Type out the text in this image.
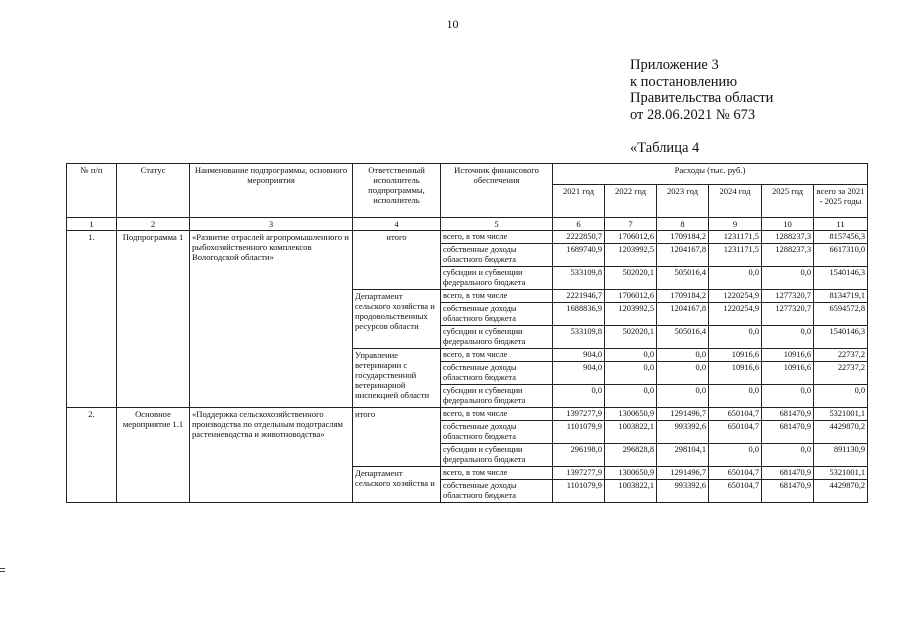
10
Приложение 3
к постановлению
Правительства области
от 28.06.2021 № 673
«Таблица 4
№ п/п	Статус	Наименование подпрограммы, основного мероприятия	Ответственный исполнитель подпрограммы, исполнитель	Источник финансового обеспечения	Расходы (тыс. руб.)					
					2021 год	2022 год	2023 год	2024 год	2025 год	всего за 2021 - 2025 годы
1	2	3	4	5	6	7	8	9	10	11
1.	Подпрограмма 1	«Развитие отраслей агропромышленного и рыбохозяйственного комплексов Вологодской области»	итого	всего, в том числе	2222850,7	1706012,6	1709184,2	1231171,5	1288237,3	8157456,3
				собственные доходы областного бюджета	1689740,9	1203992,5	1204167,8	1231171,5	1288237,3	6617310,0
				субсидии и субвенции федерального бюджета	533109,8	502020,1	505016,4	0,0	0,0	1540146,3
			Департамент сельского хозяйства и продовольственных ресурсов области	всего, в том числе	2221946,7	1706012,6	1709184,2	1220254,9	1277320,7	8134719,1
				собственные доходы областного бюджета	1688836,9	1203992,5	1204167,8	1220254,9	1277320,7	6594572,8
				субсидии и субвенции федерального бюджета	533109,8	502020,1	505016,4	0,0	0,0	1540146,3
			Управление ветеринарии с государственной ветеринарной инспекцией области	всего, в том числе	904,0	0,0	0,0	10916,6	10916,6	22737,2
				собственные доходы областного бюджета	904,0	0,0	0,0	10916,6	10916,6	22737,2
				субсидии и субвенции федерального бюджета	0,0	0,0	0,0	0,0	0,0	0,0
2.	Основное мероприятие 1.1	«Поддержка сельскохозяйственного производства по отдельным подотраслям растениеводства и животноводства»	итого	всего, в том числе	1397277,9	1300650,9	1291496,7	650104,7	681470,9	5321001,1
				собственные доходы областного бюджета	1101079,9	1003822,1	993392,6	650104,7	681470,9	4429870,2
				субсидии и субвенции федерального бюджета	296198,0	296828,8	298104,1	0,0	0,0	891130,9
			Департамент сельского хозяйства и	всего, в том числе	1397277,9	1300650,9	1291496,7	650104,7	681470,9	5321001,1
				собственные доходы областного бюджета	1101079,9	1003822,1	993392,6	650104,7	681470,9	4429870,2
